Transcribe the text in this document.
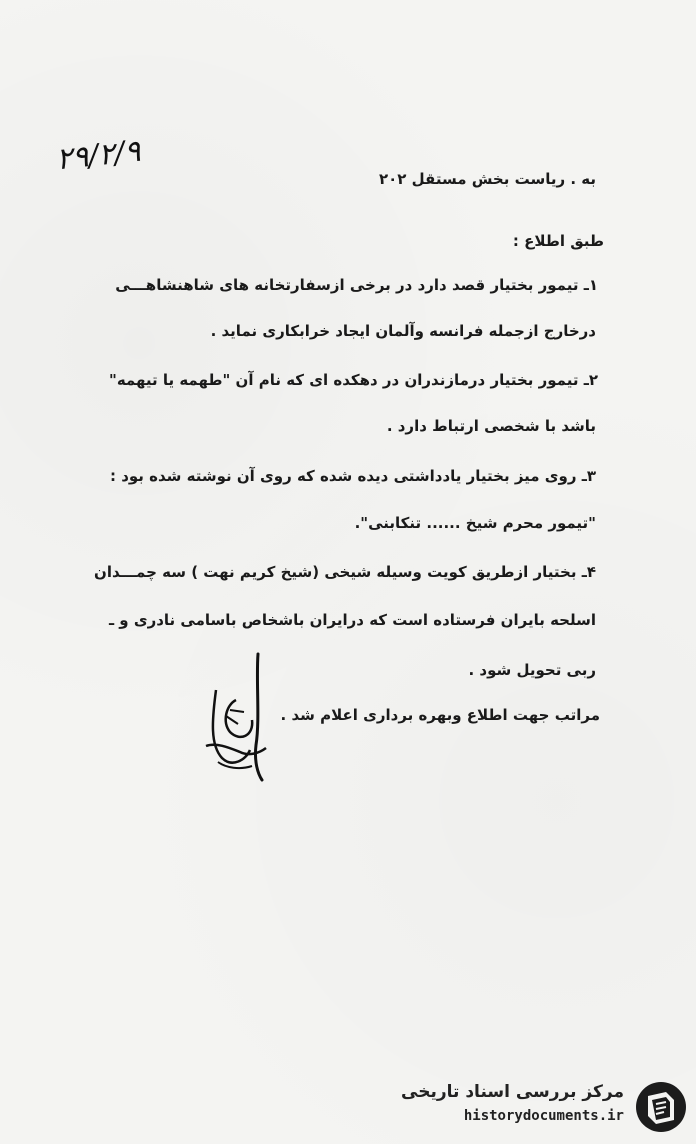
۲۹/۲/۹
به . ریاست بخش مستقل ۲۰۲
طبق اطلاع :
۱ـ تیمور بختیار قصد دارد در برخی ازسفارتخانه های شاهنشاهـــی
درخارج ازجمله فرانسه وآلمان ایجاد خرابکاری نماید .
۲ـ تیمور بختیار درمازندران در دهکده ای که نام آن "طهمه یا تیهمه"
باشد با شخصی ارتباط دارد .
۳ـ روی میز بختیار یادداشتی دیده شده که روی آن نوشته شده بود :
"تیمور محرم شیخ ...... تنکابنی".
۴ـ بختیار ازطریق کویت وسیله شیخی (شیخ کریم نهت ) سه چمـــدان
اسلحه بایران فرستاده است که درایران باشخاص باسامی نادری و ـ
ربی تحویل شود .
مراتب جهت اطلاع وبهره برداری اعلام شد .
مرکز بررسی اسناد تاریخی
historydocuments.ir
